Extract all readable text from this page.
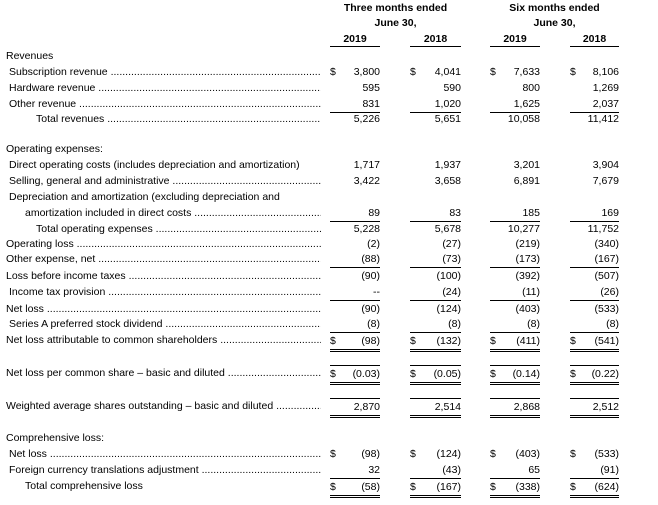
Three months ended
June 30,
Six months ended
June 30,
2019	2018	2019	2018
Revenues
Subscription revenue .....	$ 3,800	$ 4,041	$ 7,633	$ 8,106
Hardware revenue .....	595	590	800	1,269
Other revenue .....	831	1,020	1,625	2,037
Total revenues .....	5,226	5,651	10,058	11,412
Operating expenses:
Direct operating costs (includes depreciation and amortization)	1,717	1,937	3,201	3,904
Selling, general and administrative .....	3,422	3,658	6,891	7,679
Depreciation and amortization (excluding depreciation and
amortization included in direct costs .....	89	83	185	169
Total operating expenses .....	5,228	5,678	10,277	11,752
Operating loss .....	(2)	(27)	(219)	(340)
Other expense, net .....	(88)	(73)	(173)	(167)
Loss before income taxes .....	(90)	(100)	(392)	(507)
Income tax provision .....	--	(24)	(11)	(26)
Net loss .....	(90)	(124)	(403)	(533)
Series A preferred stock dividend .....	(8)	(8)	(8)	(8)
Net loss attributable to common shareholders .....	$ (98)	$ (132)	$ (411)	$ (541)
Net loss per common share – basic and diluted .....	$ (0.03)	$ (0.05)	$ (0.14)	$ (0.22)
Weighted average shares outstanding – basic and diluted .....	2,870	2,514	2,868	2,512
Comprehensive loss:
Net loss .....	$ (98)	$ (124)	$ (403)	$ (533)
Foreign currency translations adjustment .....	32	(43)	65	(91)
Total comprehensive loss	$ (58)	$ (167)	$ (338)	$ (624)
